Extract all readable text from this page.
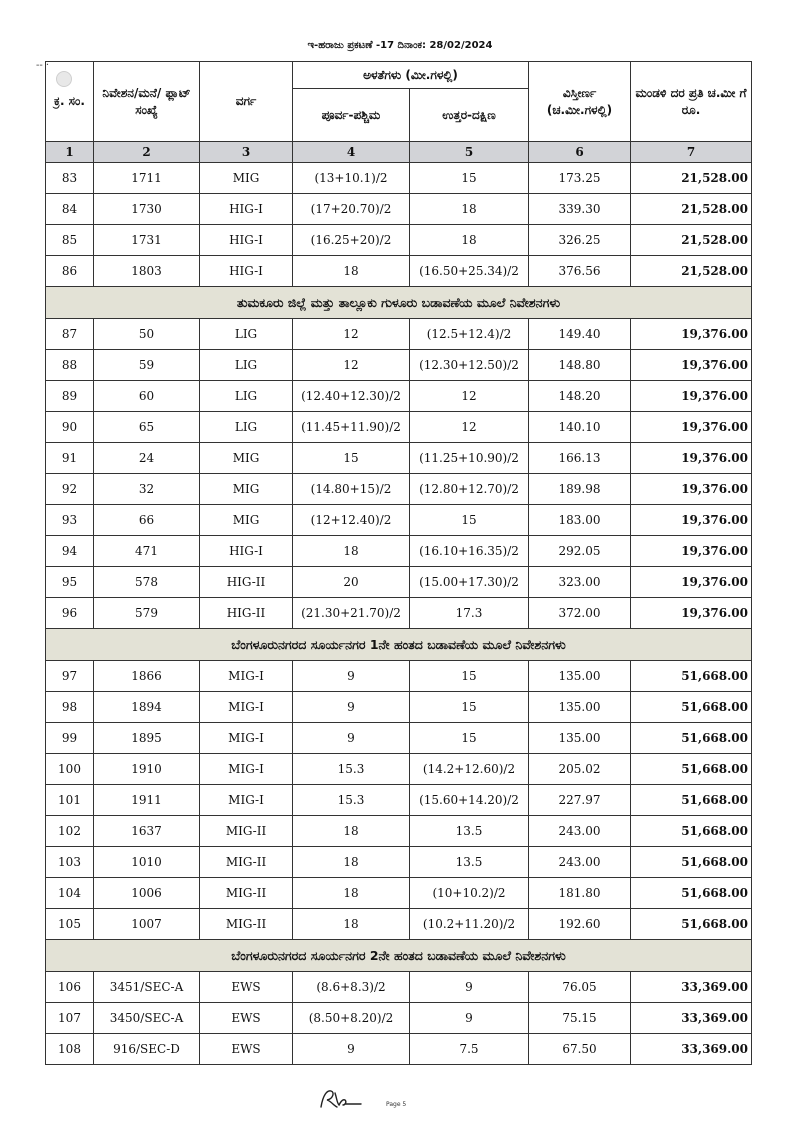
ಇ-ಹರಾಜು ಪ್ರಕಟಣೆ -17 ದಿನಾಂಕ: 28/02/2024
-- ·
ಕ್ರ. ಸಂ.	ನಿವೇಶನ/ಮನೆ/ ಫ್ಲಾಟ್ ಸಂಖ್ಯೆ	ವರ್ಗ	ಅಳತೆಗಳು (ಮೀ.ಗಳಲ್ಲಿ)		ವಿಸ್ತೀರ್ಣ (ಚ.ಮೀ.ಗಳಲ್ಲಿ)	ಮಂಡಳಿ ದರ ಪ್ರತಿ ಚ.ಮೀ ಗೆ ರೂ.
			ಪೂರ್ವ-ಪಶ್ಚಿಮ	ಉತ್ತರ-ದಕ್ಷಿಣ		
1	2	3	4	5	6	7
83	1711	MIG	(13+10.1)/2	15	173.25	21,528.00
84	1730	HIG-I	(17+20.70)/2	18	339.30	21,528.00
85	1731	HIG-I	(16.25+20)/2	18	326.25	21,528.00
86	1803	HIG-I	18	(16.50+25.34)/2	376.56	21,528.00
ತುಮಕೂರು ಜಿಲ್ಲೆ ಮತ್ತು ತಾಲ್ಲೂಕು ಗುಳೂರು ಬಡಾವಣೆಯ ಮೂಲೆ ನಿವೇಶನಗಳು						
87	50	LIG	12	(12.5+12.4)/2	149.40	19,376.00
88	59	LIG	12	(12.30+12.50)/2	148.80	19,376.00
89	60	LIG	(12.40+12.30)/2	12	148.20	19,376.00
90	65	LIG	(11.45+11.90)/2	12	140.10	19,376.00
91	24	MIG	15	(11.25+10.90)/2	166.13	19,376.00
92	32	MIG	(14.80+15)/2	(12.80+12.70)/2	189.98	19,376.00
93	66	MIG	(12+12.40)/2	15	183.00	19,376.00
94	471	HIG-I	18	(16.10+16.35)/2	292.05	19,376.00
95	578	HIG-II	20	(15.00+17.30)/2	323.00	19,376.00
96	579	HIG-II	(21.30+21.70)/2	17.3	372.00	19,376.00
ಬೆಂಗಳೂರುನಗರದ ಸೂರ್ಯನಗರ 1ನೇ ಹಂತದ ಬಡಾವಣೆಯ ಮೂಲೆ ನಿವೇಶನಗಳು						
97	1866	MIG-I	9	15	135.00	51,668.00
98	1894	MIG-I	9	15	135.00	51,668.00
99	1895	MIG-I	9	15	135.00	51,668.00
100	1910	MIG-I	15.3	(14.2+12.60)/2	205.02	51,668.00
101	1911	MIG-I	15.3	(15.60+14.20)/2	227.97	51,668.00
102	1637	MIG-II	18	13.5	243.00	51,668.00
103	1010	MIG-II	18	13.5	243.00	51,668.00
104	1006	MIG-II	18	(10+10.2)/2	181.80	51,668.00
105	1007	MIG-II	18	(10.2+11.20)/2	192.60	51,668.00
ಬೆಂಗಳೂರುನಗರದ ಸೂರ್ಯನಗರ 2ನೇ ಹಂತದ ಬಡಾವಣೆಯ ಮೂಲೆ ನಿವೇಶನಗಳು						
106	3451/SEC-A	EWS	(8.6+8.3)/2	9	76.05	33,369.00
107	3450/SEC-A	EWS	(8.50+8.20)/2	9	75.15	33,369.00
108	916/SEC-D	EWS	9	7.5	67.50	33,369.00
Page 5
